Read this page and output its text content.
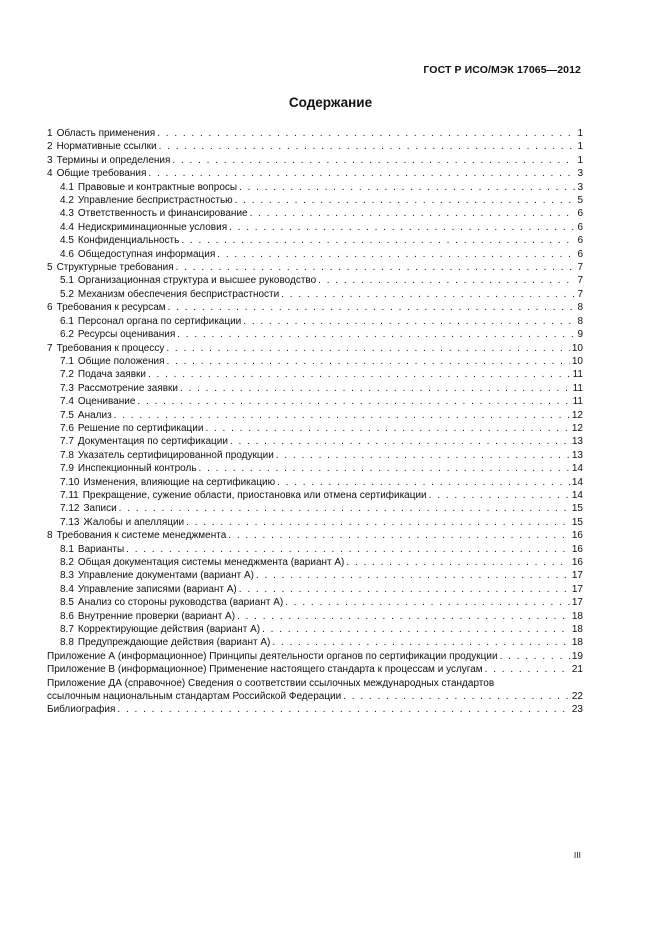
ГОСТ Р ИСО/МЭК 17065—2012
Содержание
1 Область применения . . .	1
2 Нормативные ссылки . . .	1
3 Термины и определения . . .	1
4 Общие требования . . .	3
4.1 Правовые и контрактные вопросы . . .	3
4.2 Управление беспристрастностью . . .	5
4.3 Ответственность и финансирование . . .	6
4.4 Недискриминационные условия . . .	6
4.5 Конфиденциальность . . .	6
4.6 Общедоступная информация . . .	6
5 Структурные требования . . .	7
5.1 Организационная структура и высшее руководство . . .	7
5.2 Механизм обеспечения беспристрастности . . .	7
6 Требования к ресурсам . . .	8
6.1 Персонал органа по сертификации . . .	8
6.2 Ресурсы оценивания . . .	9
7 Требования к процессу . . .	10
7.1 Общие положения . . .	10
7.2 Подача заявки . . .	11
7.3 Рассмотрение заявки . . .	11
7.4 Оценивание . . .	11
7.5 Анализ . . .	12
7.6 Решение по сертификации . . .	12
7.7 Документация по сертификации . . .	13
7.8 Указатель сертифицированной продукции . . .	13
7.9 Инспекционный контроль . . .	14
7.10 Изменения, влияющие на сертификацию . . .	14
7.11 Прекращение, сужение области, приостановка или отмена сертификации . . .	14
7.12 Записи . . .	15
7.13 Жалобы и апелляции . . .	15
8 Требования к системе менеджмента . . .	16
8.1 Варианты . . .	16
8.2 Общая документация системы менеджмента (вариант А) . . .	16
8.3 Управление документами (вариант А) . . .	17
8.4 Управление записями (вариант А) . . .	17
8.5 Анализ со стороны руководства (вариант А) . . .	17
8.6 Внутренние проверки (вариант А) . . .	18
8.7 Корректирующие действия (вариант А) . . .	18
8.8 Предупреждающие действия (вариант А) . . .	18
Приложение А (информационное) Принципы деятельности органов по сертификации продукции . . .	19
Приложение В (информационное) Применение настоящего стандарта к процессам и услугам . . .	21
Приложение ДА (справочное) Сведения о соответствии ссылочных международных стандартов
ссылочным национальным стандартам Российской Федерации . . .	22
Библиография . . .	23
III
